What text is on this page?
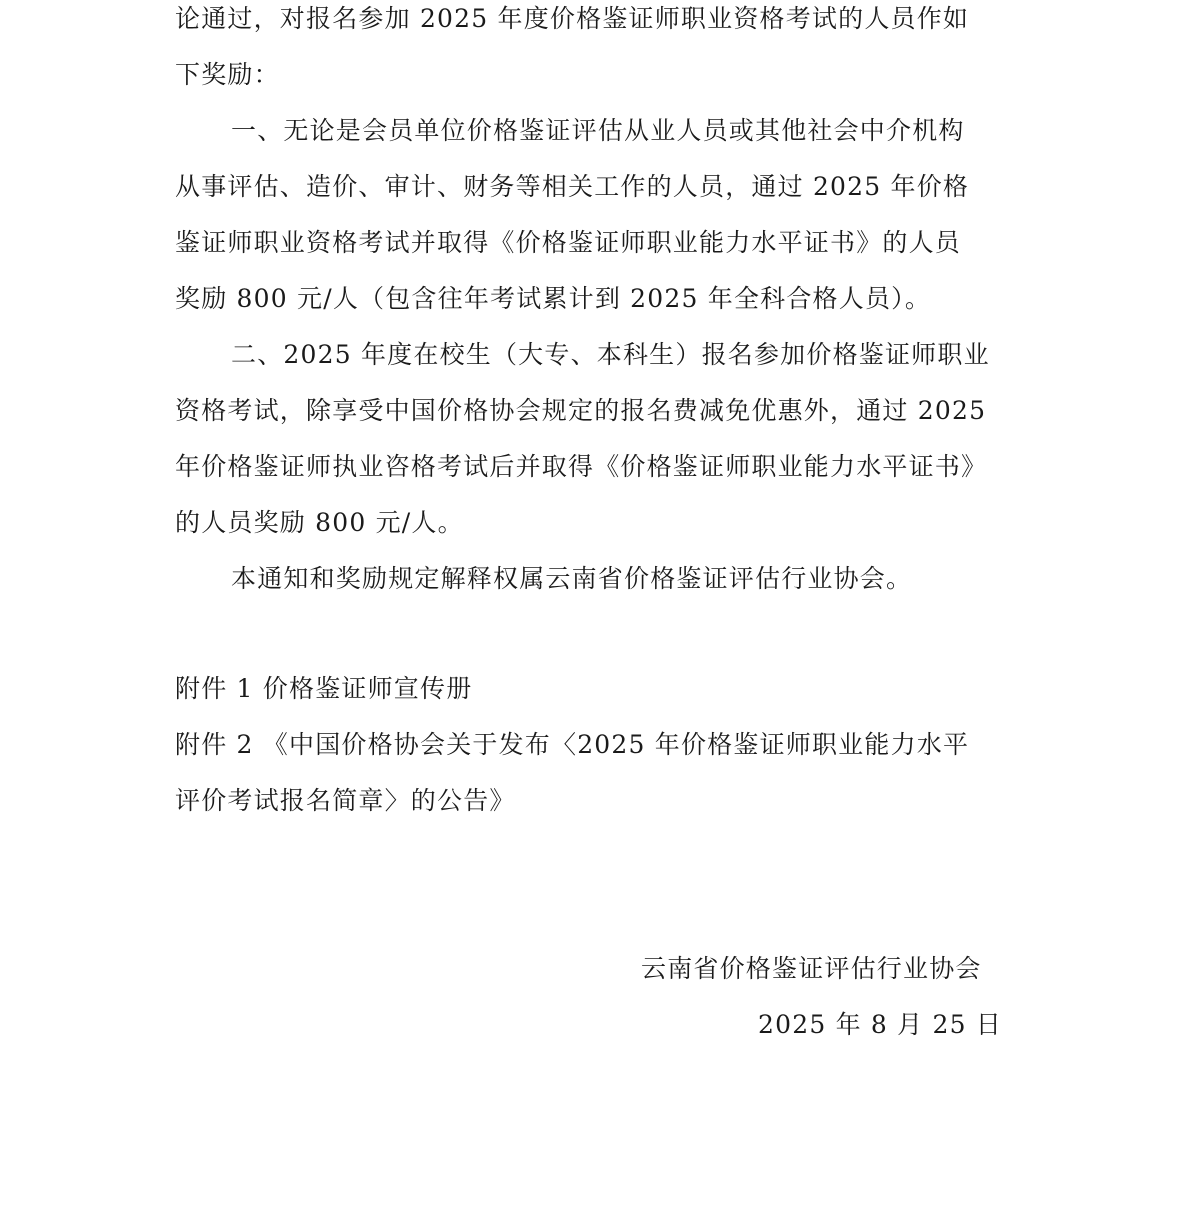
论通过，对报名参加 2025 年度价格鉴证师职业资格考试的人员作如
下奖励：
一、无论是会员单位价格鉴证评估从业人员或其他社会中介机构
从事评估、造价、审计、财务等相关工作的人员，通过 2025 年价格
鉴证师职业资格考试并取得《价格鉴证师职业能力水平证书》的人员
奖励 800 元/人（包含往年考试累计到 2025 年全科合格人员）。
二、2025 年度在校生（大专、本科生）报名参加价格鉴证师职业
资格考试，除享受中国价格协会规定的报名费减免优惠外，通过 2025
年价格鉴证师执业咨格考试后并取得《价格鉴证师职业能力水平证书》
的人员奖励 800 元/人。
本通知和奖励规定解释权属云南省价格鉴证评估行业协会。
附件 1 价格鉴证师宣传册
附件 2 《中国价格协会关于发布〈2025 年价格鉴证师职业能力水平
评价考试报名简章〉的公告》
云南省价格鉴证评估行业协会
2025 年 8 月 25 日
